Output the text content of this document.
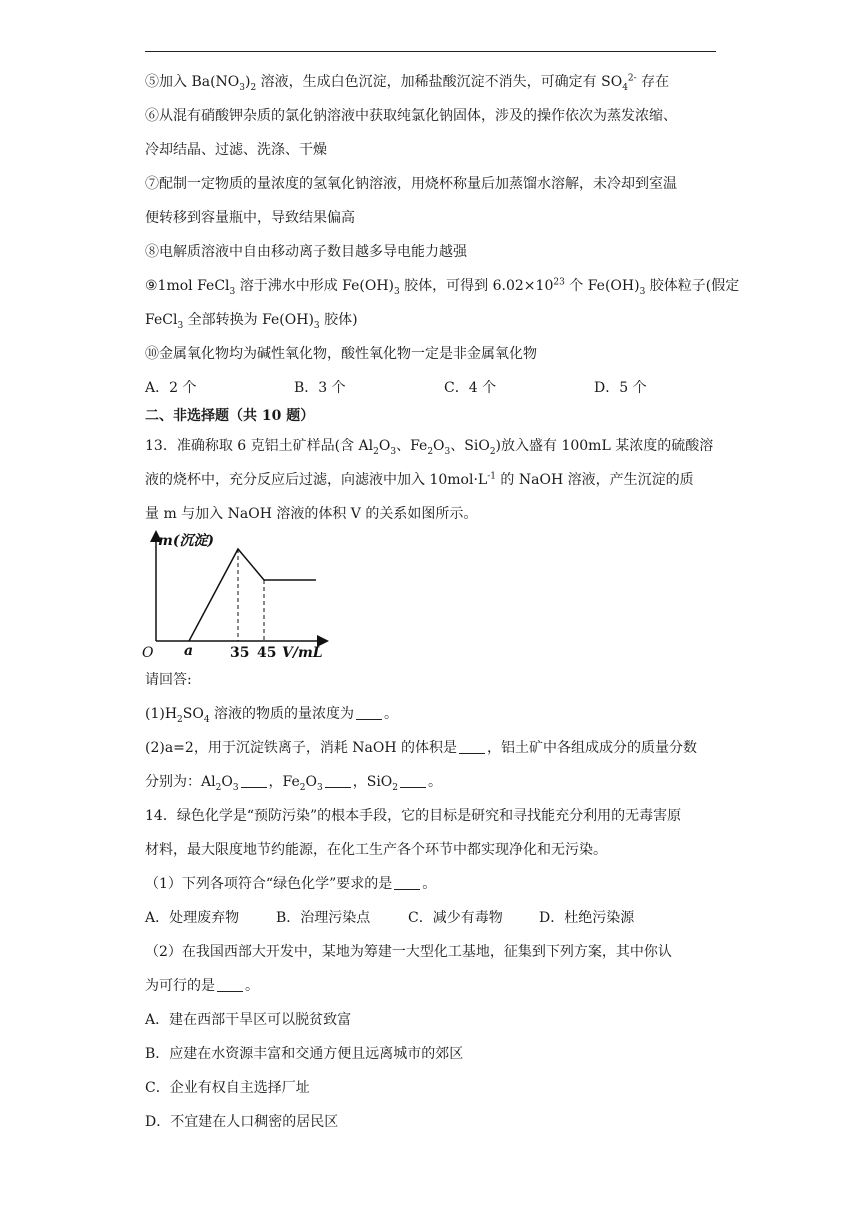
⑤加入 $Ba(NO_3)_2$ 溶液，生成白色沉淀，加稀盐酸沉淀不消失，可确定有 $SO_4^{2-}$ 存在
⑥从混有硝酸钾杂质的氯化钠溶液中获取纯氯化钠固体，涉及的操作依次为蒸发浓缩、
冷却结晶、过滤、洗涤、干燥
⑦配制一定物质的量浓度的氢氧化钠溶液，用烧杯称量后加蒸馏水溶解，未冷却到室温
便转移到容量瓶中，导致结果偏高
⑧电解质溶液中自由移动离子数目越多导电能力越强
⑨1mol FeCl$_3$ 溶于沸水中形成 $Fe(OH)_3$ 胶体，可得到 $6.02\times 10^{23}$ 个 $Fe(OH)_3$ 胶体粒子(假定
FeCl$_3$ 全部转换为 $Fe(OH)_3$ 胶体)
⑩金属氧化物均为碱性氧化物，酸性氧化物一定是非金属氧化物
A．2 个	B．3 个	C．4 个	D．5 个
二、非选择题（共 10 题）
13．准确称取 6 克铝土矿样品(含 $Al_2O_3$、$Fe_2O_3$、SiO$_2$)放入盛有 100mL 某浓度的硫酸溶
液的烧杯中，充分反应后过滤，向滤液中加入 $10mol\cdot L^{-1}$ 的 NaOH 溶液，产生沉淀的质
量 m 与加入 NaOH 溶液的体积 V 的关系如图所示。
m(沉淀)
O a	35 45 V/mL
请回答:
$(1)H_2SO_4$ 溶液的物质的量浓度为 。
(2)a=2，用于沉淀铁离子，消耗 NaOH 的体积是 ，铝土矿中各组成成分的质量分数
分别为：$Al_2O_3$ ，$Fe_2O_3$ ，SiO$_2$ 。
14．绿色化学是“预防污染”的根本手段，它的目标是研究和寻找能充分利用的无毒害原
材料，最大限度地节约能源，在化工生产各个环节中都实现净化和无污染。
（1）下列各项符合“绿色化学”要求的是 。
A．处理废弃物	B．治理污染点	C．减少有毒物	D．杜绝污染源
（2）在我国西部大开发中，某地为筹建一大型化工基地，征集到下列方案，其中你认
为可行的是 。
A．建在西部干旱区可以脱贫致富
B．应建在水资源丰富和交通方便且远离城市的郊区
C．企业有权自主选择厂址
D．不宜建在人口稠密的居民区
